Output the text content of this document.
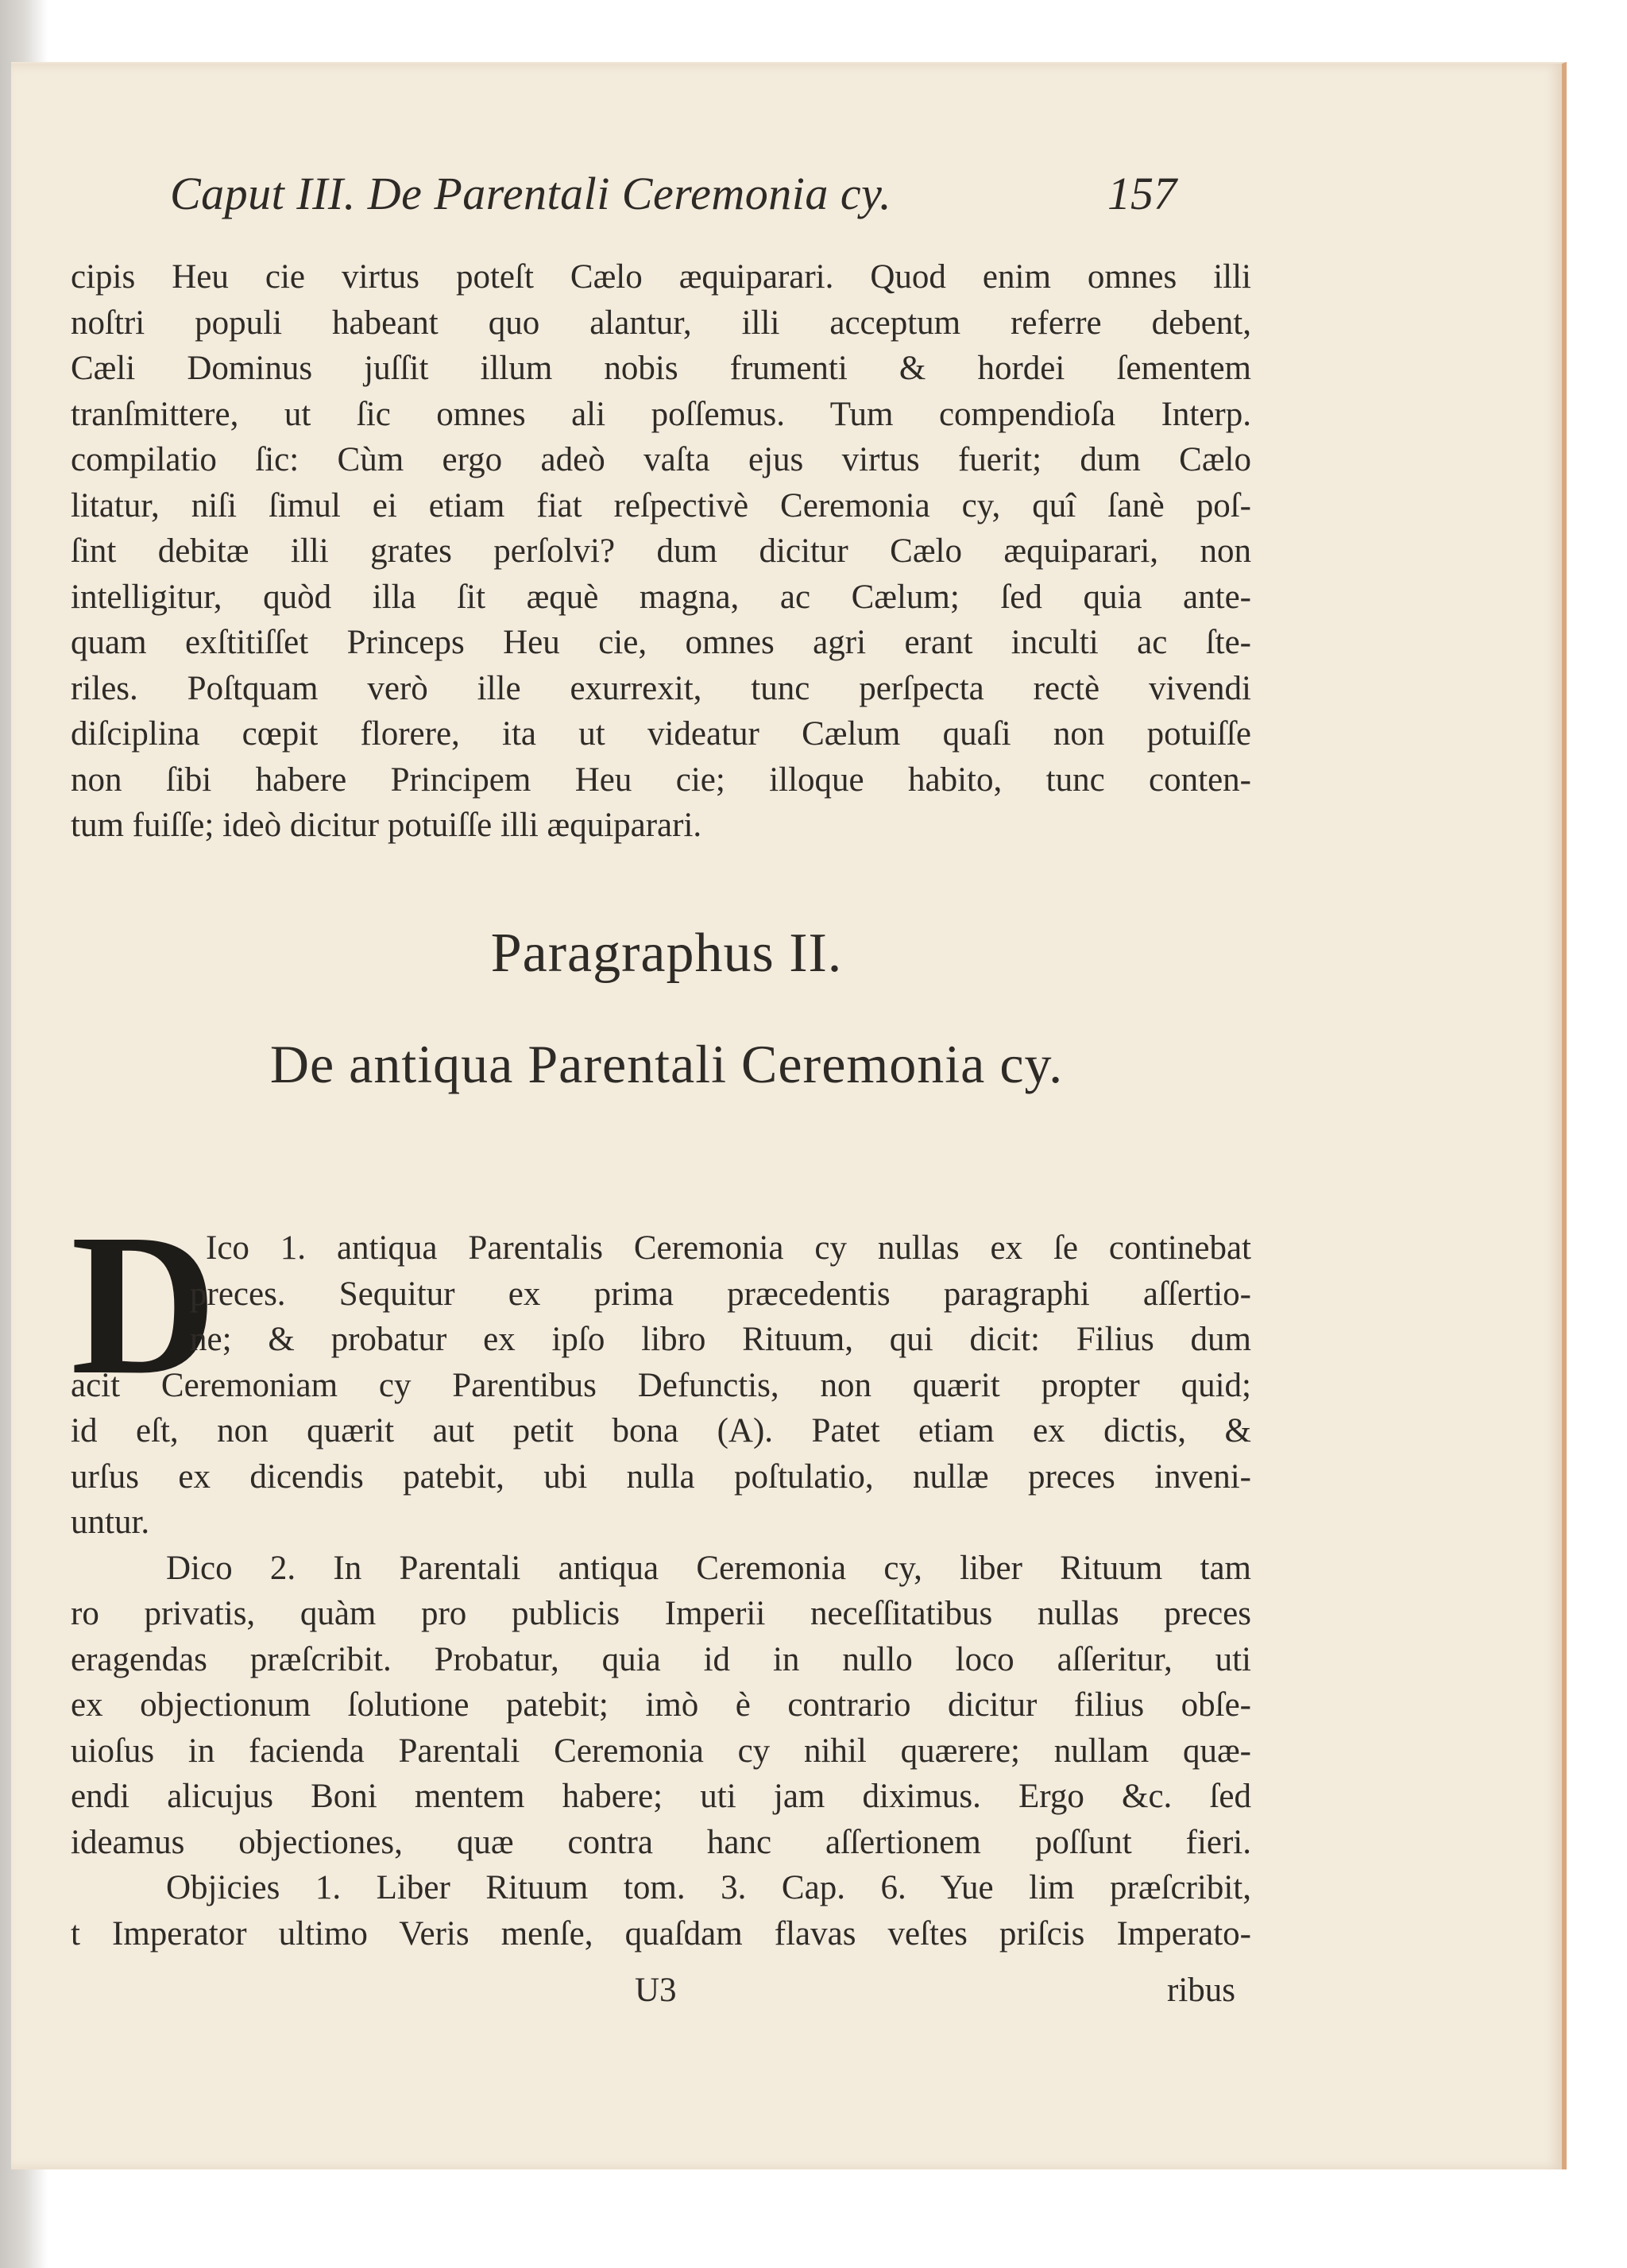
Caput III. De Parentali Ceremonia cy.	157
cipis Heu cie virtus poteſt Cælo æquiparari. Quod enim omnes illi
noſtri populi habeant quo alantur, illi acceptum referre debent,
Cæli Dominus juſſit illum nobis frumenti & hordei ſementem
tranſmittere, ut ſic omnes ali poſſemus. Tum compendioſa Interp.
compilatio ſic: Cùm ergo adeò vaſta ejus virtus fuerit; dum Cælo
litatur, niſi ſimul ei etiam fiat reſpectivè Ceremonia cy, quî ſanè poſ-
ſint debitæ illi grates perſolvi? dum dicitur Cælo æquiparari, non
intelligitur, quòd illa ſit æquè magna, ac Cælum; ſed quia ante-
quam exſtitiſſet Princeps Heu cie, omnes agri erant inculti ac ſte-
riles. Poſtquam verò ille exurrexit, tunc perſpecta rectè vivendi
diſciplina cœpit florere, ita ut videatur Cælum quaſi non potuiſſe
non ſibi habere Principem Heu cie; illoque habito, tunc conten-
tum fuiſſe; ideò dicitur potuiſſe illi æquiparari.
Paragraphus II.
De antiqua Parentali Ceremonia cy.
D
Ico 1. antiqua Parentalis Ceremonia cy nullas ex ſe continebat
preces. Sequitur ex prima præcedentis paragraphi aſſertio-
ne; & probatur ex ipſo libro Rituum, qui dicit: Filius dum
acit Ceremoniam cy Parentibus Defunctis, non quærit propter quid;
id eſt, non quærit aut petit bona (A). Patet etiam ex dictis, &
urſus ex dicendis patebit, ubi nulla poſtulatio, nullæ preces inveni-
untur.
Dico 2. In Parentali antiqua Ceremonia cy, liber Rituum tam
ro privatis, quàm pro publicis Imperii neceſſitatibus nullas preces
eragendas præſcribit. Probatur, quia id in nullo loco aſſeritur, uti
ex objectionum ſolutione patebit; imò è contrario dicitur filius obſe-
uioſus in facienda Parentali Ceremonia cy nihil quærere; nullam quæ-
endi alicujus Boni mentem habere; uti jam diximus. Ergo &c. ſed
ideamus objectiones, quæ contra hanc aſſertionem poſſunt fieri.
Objicies 1. Liber Rituum tom. 3. Cap. 6. Yue lim præſcribit,
t Imperator ultimo Veris menſe, quaſdam flavas veſtes priſcis Imperato-
U3	ribus
